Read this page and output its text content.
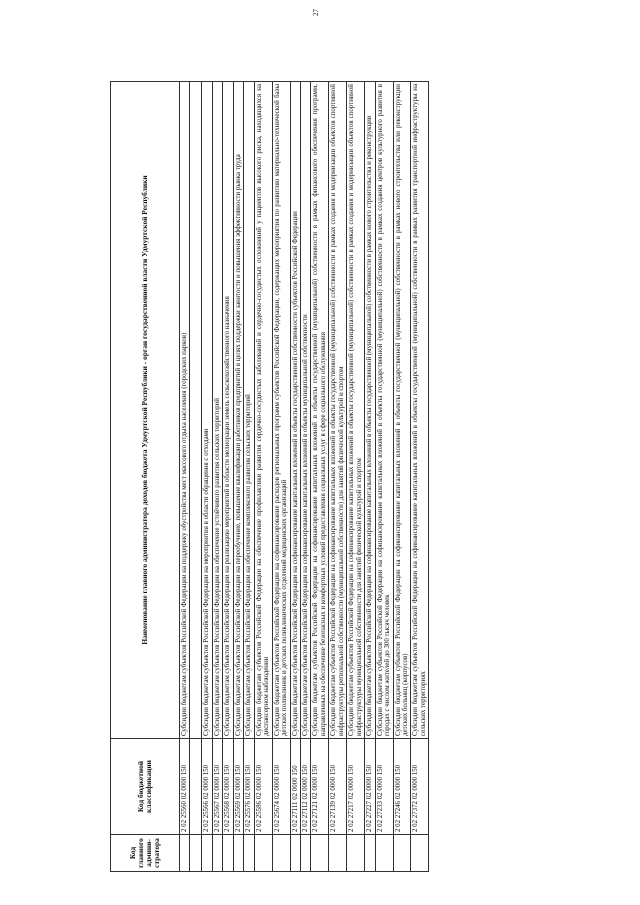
27
Код главного админи-стратора	Код бюджетной классификации	Наименование главного администратора доходов бюджета Удмуртской Республики - орган государственной власти Удмуртской Республики
	2 02 25560 02 0000 150	Субсидии бюджетам субъектов Российской Федерации на поддержку обустройства мест массового отдыха населения (городских парков)

	2 02 25566 02 0000 150	Субсидии бюджетам субъектов Российской Федерации на мероприятия в области обращения с отходами
	2 02 25567 02 0000 150	Субсидии бюджетам субъектов Российской Федерации на обеспечение устойчивого развития сельских территорий
	2 02 25568 02 0000 150	Субсидии бюджетам субъектов Российской Федерации на реализацию мероприятий в области мелиорации земель сельскохозяйственного назначения
	2 02 25569 02 0000 150	Субсидии бюджетам субъектов Российской Федерации на переобучение, повышение квалификации работников предприятий в целях поддержки занятости и повышения эффективности рынка труда
	2 02 25576 02 0000 150	Субсидии бюджетам субъектов Российской Федерации на обеспечение комплексного развития сельских территорий
	2 02 25586 02 0000 150	Субсидии бюджетам субъектов Российской Федерации на обеспечение профилактики развития сердечно-сосудистых заболеваний и сердечно-сосудистых осложнений у пациентов высокого риска, находящихся на диспансерном наблюдении
	2 02 25674 02 0000 150	Субсидии бюджетам субъектов Российской Федерации на софинансирование расходов региональных программ субъектов Российской Федерации, содержащих мероприятия по развитию материально-технической базы детских поликлиник и детских поликлинических отделений медицинских организаций
	2 02 27111 02 0000 150	Субсидии бюджетам субъектов Российской Федерации на софинансирование капитальных вложений в объекты государственной собственности субъектов Российской Федерации
	2 02 27112 02 0000 150	Субсидии бюджетам субъектов Российской Федерации на софинансирование капитальных вложений в объекты муниципальной собственности
	2 02 27121 02 0000 150	Субсидии бюджетам субъектов Российской Федерации на софинансирование капитальных вложений в объекты государственной (муниципальной) собственности в рамках финансового обеспечения программ, направленных на обеспечение безопасных и комфортных условий предоставления социальных услуг в сфере социального обслуживания
	2 02 27139 02 0000 150	Субсидии бюджетам субъектов Российской Федерации на софинансирование капитальных вложений в объекты государственной (муниципальной) собственности в рамках создания и модернизации объектов спортивной инфраструктуры региональной собственности (муниципальной собственности) для занятий физической культурой и спортом
	2 02 27217 02 0000 150	Субсидии бюджетам субъектов Российской Федерации на софинансирование капитальных вложений в объекты государственной (муниципальной) собственности в рамках создания и модернизации объектов спортивной инфраструктуры муниципальной собственности для занятий физической культурой и спортом
	2 02 27227 02 0000 150	Субсидии бюджетам субъектов Российской Федерации на софинансирование капитальных вложений в объекты государственной (муниципальной) собственности в рамках нового строительства и реконструкции
	2 02 27233 02 0000 150	Субсидии бюджетам субъектов Российской Федерации на софинансирование капитальных вложений в объекты государственной (муниципальной) собственности в рамках создания центров культурного развития в городах с числом жителей до 300 тысяч человек
	2 02 27246 02 0000 150	Субсидии бюджетам субъектов Российской Федерации на софинансирование капитальных вложений в объекты государственной (муниципальной) собственности в рамках нового строительства или реконструкции детских больниц (корпусов)
	2 02 27372 02 0000 150	Субсидии бюджетам субъектов Российской Федерации на софинансирование капитальных вложений в объекты государственной (муниципальной) собственности в рамках развития транспортной инфраструктуры на сельских территориях
